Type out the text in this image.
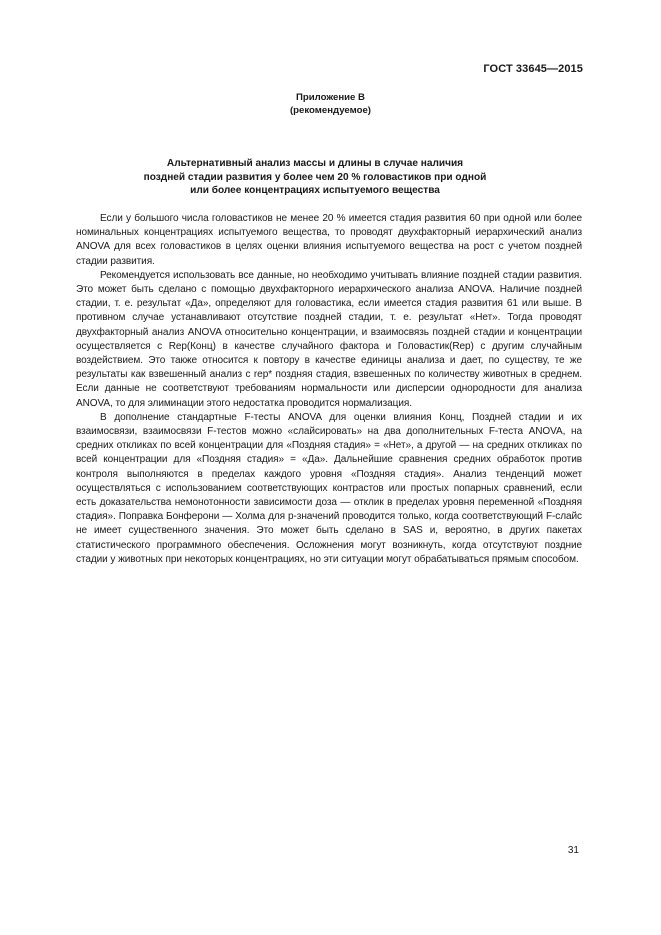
ГОСТ 33645—2015
Приложение В
(рекомендуемое)
Альтернативный анализ массы и длины в случае наличия
поздней стадии развития у более чем 20 % головастиков при одной
или более концентрациях испытуемого вещества

Если у большого числа головастиков не менее 20 % имеется стадия развития 60 при одной или более номинальных концентрациях испытуемого вещества, то проводят двухфакторный иерархический анализ ANOVA для всех головастиков в целях оценки влияния испытуемого вещества на рост с учетом поздней стадии развития.

Рекомендуется использовать все данные, но необходимо учитывать влияние поздней стадии развития. Это может быть сделано с помощью двухфакторного иерархического анализа ANOVA. Наличие поздней стадии, т. е. результат «Да», определяют для головастика, если имеется стадия развития 61 или выше. В противном случае устанавливают отсутствие поздней стадии, т. е. результат «Нет». Тогда проводят двухфакторный анализ ANOVA относительно концентрации, и взаимосвязь поздней стадии и концентрации осуществляется с Rep(Конц) в качестве случайного фактора и Головастик(Rep) с другим случайным воздействием. Это также относится к повтору в качестве единицы анализа и дает, по существу, те же результаты как взвешенный анализ с rep* поздняя стадия, взвешенных по количеству животных в среднем. Если данные не соответствуют требованиям нормальности или дисперсии однородности для анализа ANOVA, то для элиминации этого недостатка проводится нормализация.

В дополнение стандартные F-тесты ANOVA для оценки влияния Конц, Поздней стадии и их взаимосвязи, взаимосвязи F-тестов можно «слайсировать» на два дополнительных F-теста ANOVA, на средних откликах по всей концентрации для «Поздняя стадия» = «Нет», а другой — на средних откликах по всей концентрации для «Поздняя стадия» = «Да». Дальнейшие сравнения средних обработок против контроля выполняются в пределах каждого уровня «Поздняя стадия». Анализ тенденций может осуществляться с использованием соответствующих контрастов или простых попарных сравнений, если есть доказательства немонотонности зависимости доза — отклик в пределах уровня переменной «Поздняя стадия». Поправка Бонферони — Холма для p-значений проводится только, когда соответствующий F-слайс не имеет существенного значения. Это может быть сделано в SAS и, вероятно, в других пакетах статистического программного обеспечения. Осложнения могут возникнуть, когда отсутствуют поздние стадии у животных при некоторых концентрациях, но эти ситуации могут обрабатываться прямым способом.

31
